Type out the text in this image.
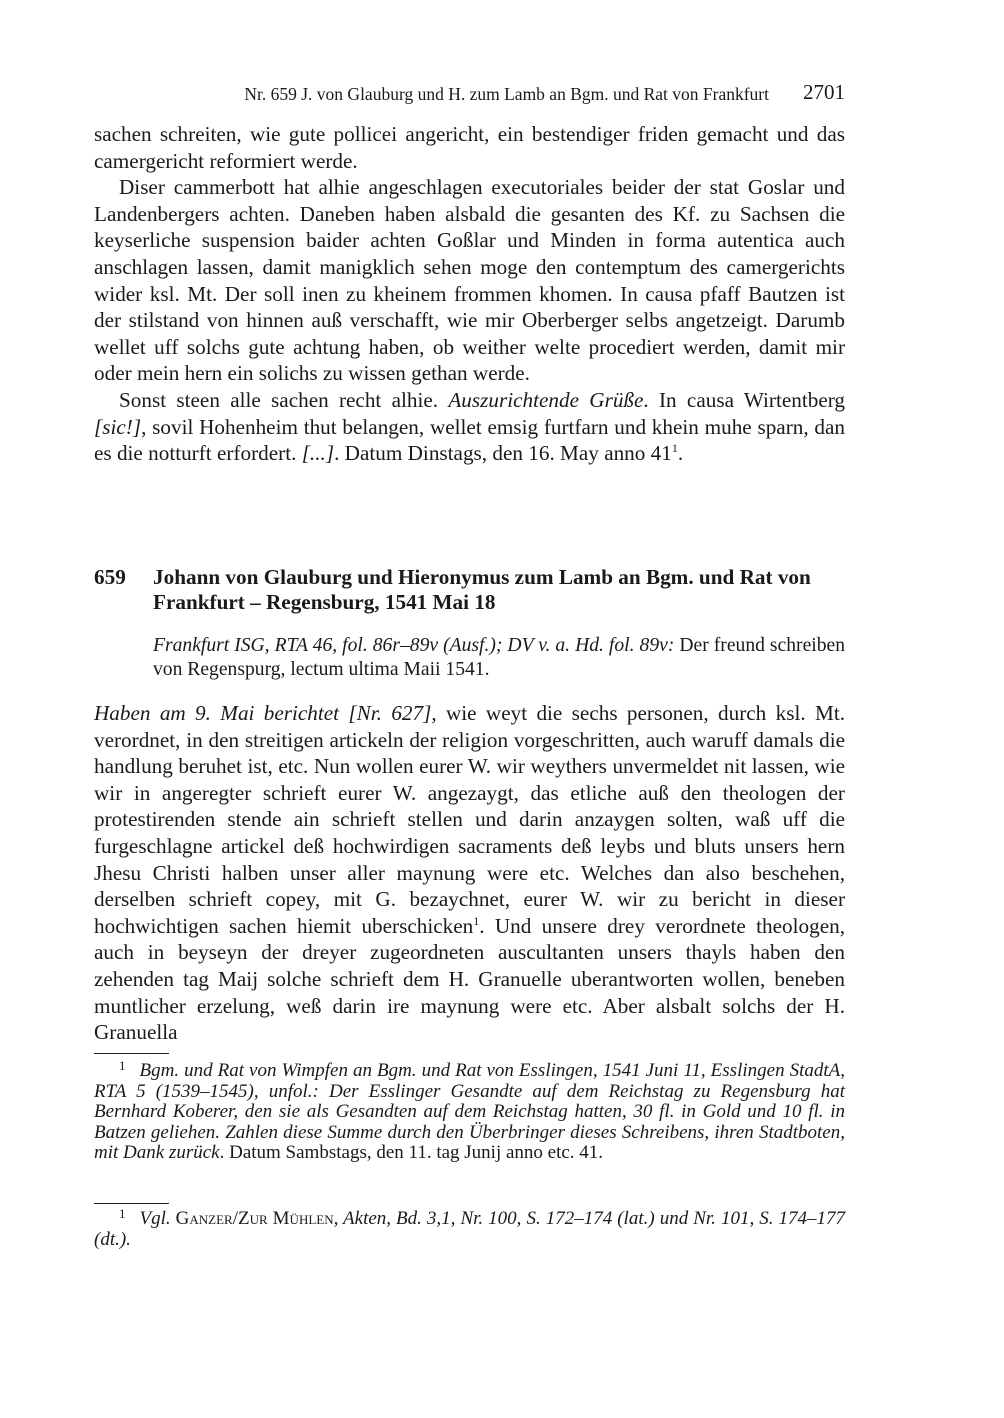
Nr. 659 J. von Glauburg und H. zum Lamb an Bgm. und Rat von Frankfurt 2701

sachen schreiten, wie gute pollicei angericht, ein bestendiger friden gemacht und das camergericht reformiert werde.

Diser cammerbott hat alhie angeschlagen executoriales beider der stat Goslar und Landenbergers achten. Daneben haben alsbald die gesanten des Kf. zu Sachsen die keyserliche suspension baider achten Goßlar und Minden in forma autentica auch anschlagen lassen, damit manigklich sehen moge den contemptum des camergerichts wider ksl. Mt. Der soll inen zu kheinem frommen khomen. In causa pfaff Bautzen ist der stilstand von hinnen auß verschafft, wie mir Oberberger selbs angetzeigt. Darumb wellet uff solchs gute achtung haben, ob weither welte procediert werden, damit mir oder mein hern ein solichs zu wissen gethan werde.

Sonst steen alle sachen recht alhie. Auszurichtende Grüße. In causa Wirtentberg [sic!], sovil Hohenheim thut belangen, wellet emsig furtfarn und khein muhe sparn, dan es die notturft erfordert. [...]. Datum Dinstags, den 16. May anno $41^1$.

659 Johann von Glauburg und Hieronymus zum Lamb an Bgm. und Rat von Frankfurt – Regensburg, 1541 Mai 18
Frankfurt ISG, RTA 46, fol. 86r–89v (Ausf.); DV v. a. Hd. fol. 89v: Der freund schreiben von Regenspurg, lectum ultima Maii 1541.

Haben am 9. Mai berichtet [Nr. 627], wie weyt die sechs personen, durch ksl. Mt. verordnet, in den streitigen artickeln der religion vorgeschritten, auch waruff damals die handlung beruhet ist, etc. Nun wollen eurer W. wir weythers unvermeldet nit lassen, wie wir in angeregter schrieft eurer W. angezaygt, das etliche auß den theologen der protestirenden stende ain schrieft stellen und darin anzaygen solten, waß uff die furgeschlagne artickel deß hochwirdigen sacraments deß leybs und bluts unsers hern Jhesu Christi halben unser aller maynung were etc. Welches dan also beschehen, derselben schrieft copey, mit G. bezaychnet, eurer W. wir zu bericht in dieser hochwichtigen sachen hiemit uberschicken$^1$. Und unsere drey verordnete theologen, auch in beyseyn der dreyer zugeordneten auscultanten unsers thayls haben den zehenden tag Maij solche schrieft dem H. Granuelle uberantworten wollen, beneben muntlicher erzelung, weß darin ire maynung were etc. Aber alsbalt solchs der H. Granuella

1 Bgm. und Rat von Wimpfen an Bgm. und Rat von Esslingen, 1541 Juni 11, Esslingen StadtA, RTA 5 (1539–1545), unfol.: Der Esslinger Gesandte auf dem Reichstag zu Regensburg hat Bernhard Koberer, den sie als Gesandten auf dem Reichstag hatten, 30 fl. in Gold und 10 fl. in Batzen geliehen. Zahlen diese Summe durch den Überbringer dieses Schreibens, ihren Stadtboten, mit Dank zurück. Datum Sambstags, den 11. tag Junij anno etc. 41.
1 Vgl. Ganzer/Zur Mühlen, Akten, Bd. 3,1, Nr. 100, S. 172–174 (lat.) und Nr. 101, S. 174–177 (dt.).
